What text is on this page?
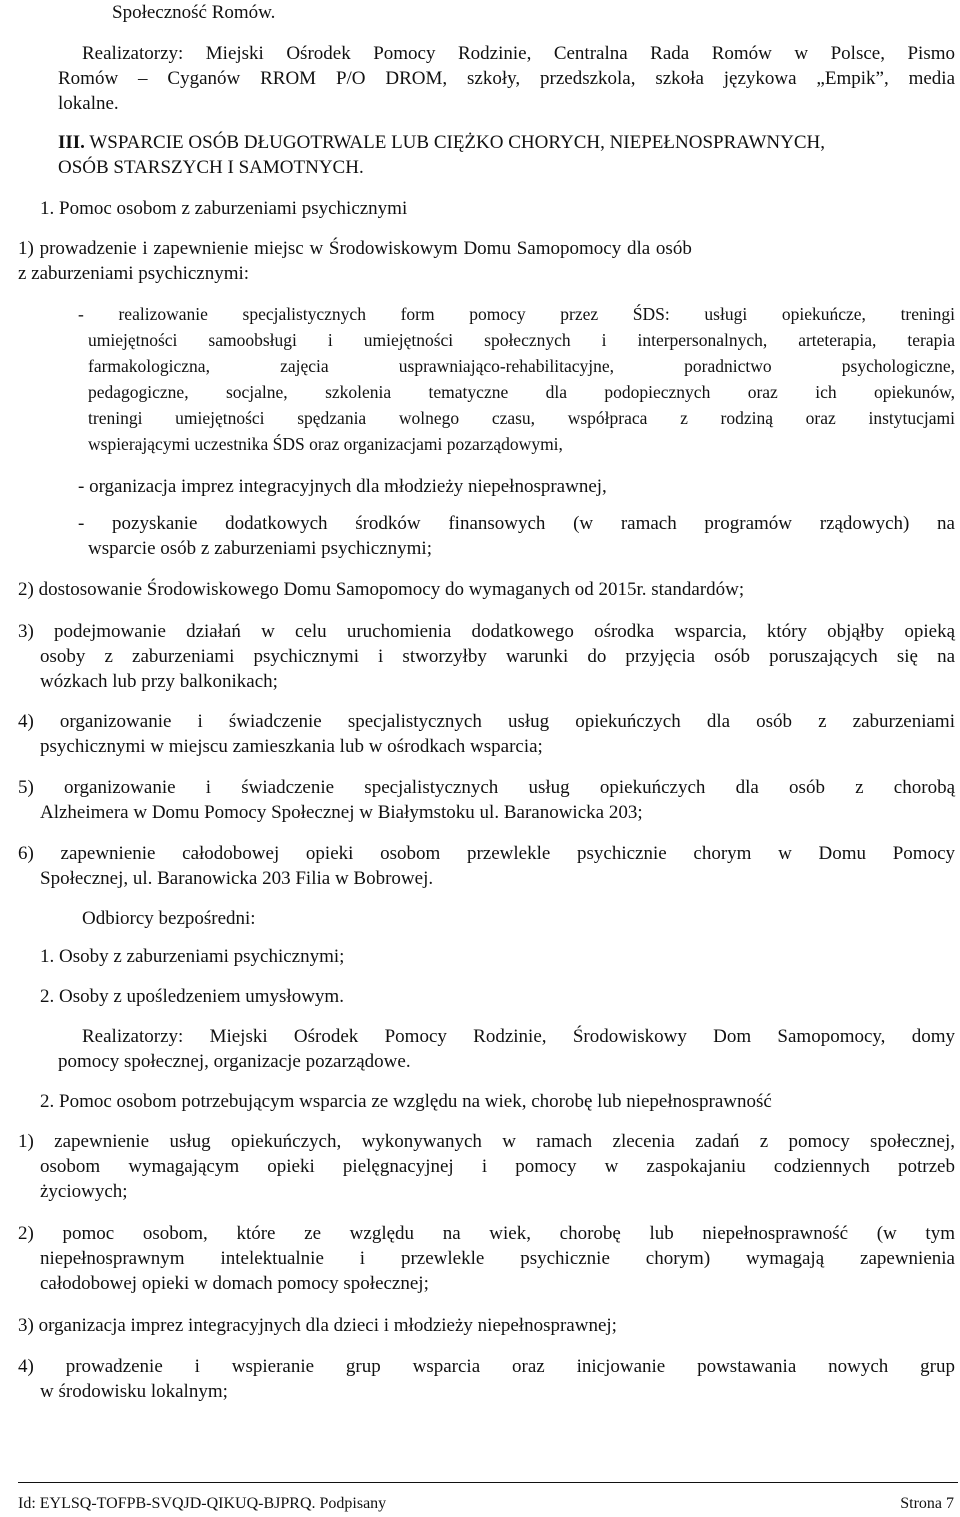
Społeczność Romów.
Realizatorzy: Miejski Ośrodek Pomocy Rodzinie, Centralna Rada Romów w Polsce, Pismo
Romów – Cyganów RROM P/O DROM, szkoły, przedszkola, szkoła językowa „Empik”, media
lokalne.
III. WSPARCIE OSÓB DŁUGOTRWALE LUB CIĘŻKO CHORYCH, NIEPEŁNOSPRAWNYCH,
OSÓB STARSZYCH I SAMOTNYCH.
1. Pomoc osobom z zaburzeniami psychicznymi
1) prowadzenie i zapewnienie miejsc w Środowiskowym Domu Samopomocy dla osób
z zaburzeniami psychicznymi:
- realizowanie specjalistycznych form pomocy przez ŚDS: usługi opiekuńcze, treningi
umiejętności samoobsługi i umiejętności społecznych i interpersonalnych, arteterapia, terapia
farmakologiczna, zajęcia usprawniająco-rehabilitacyjne, poradnictwo psychologiczne,
pedagogiczne, socjalne, szkolenia tematyczne dla podopiecznych oraz ich opiekunów,
treningi umiejętności spędzania wolnego czasu, współpraca z rodziną oraz instytucjami
wspierającymi uczestnika ŚDS oraz organizacjami pozarządowymi,
- organizacja imprez integracyjnych dla młodzieży niepełnosprawnej,
- pozyskanie dodatkowych środków finansowych (w ramach programów rządowych) na
wsparcie osób z zaburzeniami psychicznymi;
2) dostosowanie Środowiskowego Domu Samopomocy do wymaganych od 2015r. standardów;
3) podejmowanie działań w celu uruchomienia dodatkowego ośrodka wsparcia, który objąłby opieką
osoby z zaburzeniami psychicznymi i stworzyłby warunki do przyjęcia osób poruszających się na
wózkach lub przy balkonikach;
4) organizowanie i świadczenie specjalistycznych usług opiekuńczych dla osób z zaburzeniami
psychicznymi w miejscu zamieszkania lub w ośrodkach wsparcia;
5) organizowanie i świadczenie specjalistycznych usług opiekuńczych dla osób z chorobą
Alzheimera w Domu Pomocy Społecznej w Białymstoku ul. Baranowicka 203;
6) zapewnienie całodobowej opieki osobom przewlekle psychicznie chorym w Domu Pomocy
Społecznej, ul. Baranowicka 203 Filia w Bobrowej.
Odbiorcy bezpośredni:
1. Osoby z zaburzeniami psychicznymi;
2. Osoby z upośledzeniem umysłowym.
Realizatorzy: Miejski Ośrodek Pomocy Rodzinie, Środowiskowy Dom Samopomocy, domy
pomocy społecznej, organizacje pozarządowe.
2. Pomoc osobom potrzebującym wsparcia ze względu na wiek, chorobę lub niepełnosprawność
1) zapewnienie usług opiekuńczych, wykonywanych w ramach zlecenia zadań z pomocy społecznej,
osobom wymagającym opieki pielęgnacyjnej i pomocy w zaspokajaniu codziennych potrzeb
życiowych;
2) pomoc osobom, które ze względu na wiek, chorobę lub niepełnosprawność (w tym
niepełnosprawnym intelektualnie i przewlekle psychicznie chorym) wymagają zapewnienia
całodobowej opieki w domach pomocy społecznej;
3) organizacja imprez integracyjnych dla dzieci i młodzieży niepełnosprawnej;
4) prowadzenie i wspieranie grup wsparcia oraz inicjowanie powstawania nowych grup
w środowisku lokalnym;
Id: EYLSQ-TOFPB-SVQJD-QIKUQ-BJPRQ. Podpisany	Strona 7
